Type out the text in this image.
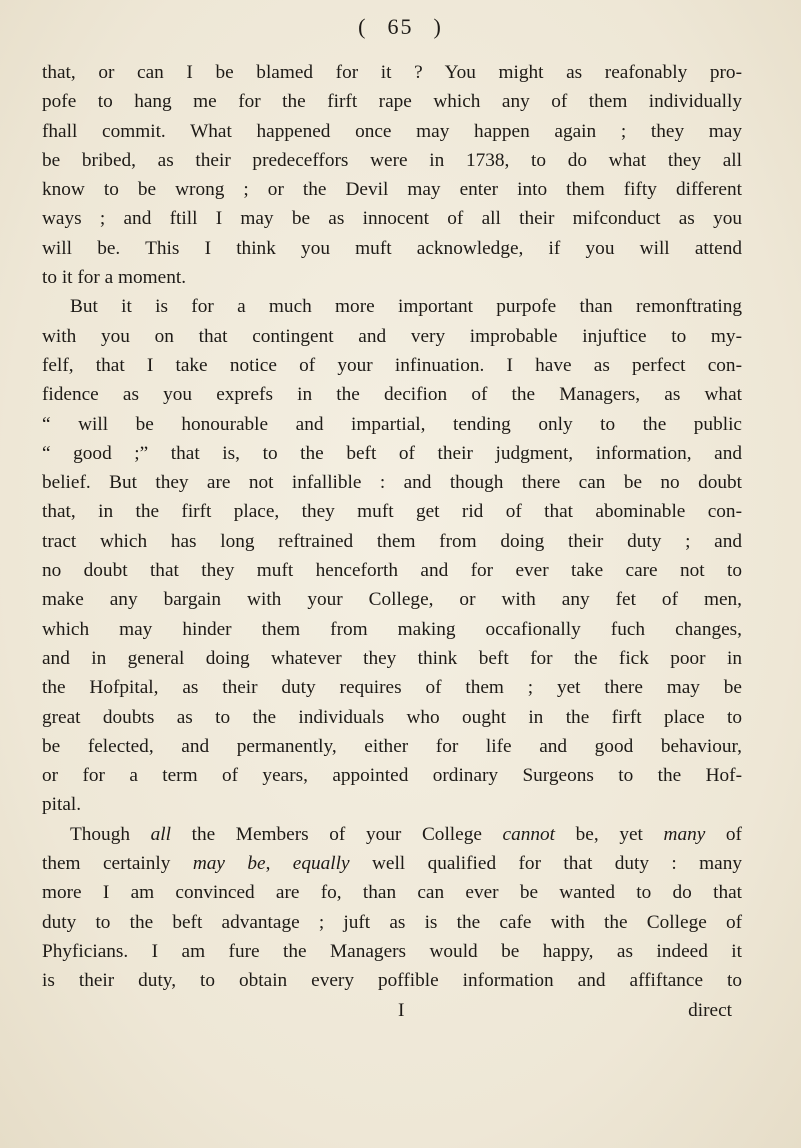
( 65 )
that, or can I be blamed for it ? You might as reafonably pro-
pofe to hang me for the firft rape which any of them individually
fhall commit. What happened once may happen again ; they may
be bribed, as their predeceffors were in 1738, to do what they all
know to be wrong ; or the Devil may enter into them fifty different
ways ; and ftill I may be as innocent of all their mifconduct as you
will be. This I think you muft acknowledge, if you will attend
to it for a moment.
But it is for a much more important purpofe than remonftrating
with you on that contingent and very improbable injuftice to my-
felf, that I take notice of your infinuation. I have as perfect con-
fidence as you exprefs in the decifion of the Managers, as what
“ will be honourable and impartial, tending only to the public
“ good ;” that is, to the beft of their judgment, information, and
belief. But they are not infallible : and though there can be no doubt
that, in the firft place, they muft get rid of that abominable con-
tract which has long reftrained them from doing their duty ; and
no doubt that they muft henceforth and for ever take care not to
make any bargain with your College, or with any fet of men,
which may hinder them from making occafionally fuch changes,
and in general doing whatever they think beft for the fick poor in
the Hofpital, as their duty requires of them ; yet there may be
great doubts as to the individuals who ought in the firft place to
be felected, and permanently, either for life and good behaviour,
or for a term of years, appointed ordinary Surgeons to the Hof-
pital.
Though all the Members of your College cannot be, yet many of
them certainly may be, equally well qualified for that duty : many
more I am convinced are fo, than can ever be wanted to do that
duty to the beft advantage ; juft as is the cafe with the College of
Phyficians. I am fure the Managers would be happy, as indeed it
is their duty, to obtain every poffible information and affiftance to
I	direct
